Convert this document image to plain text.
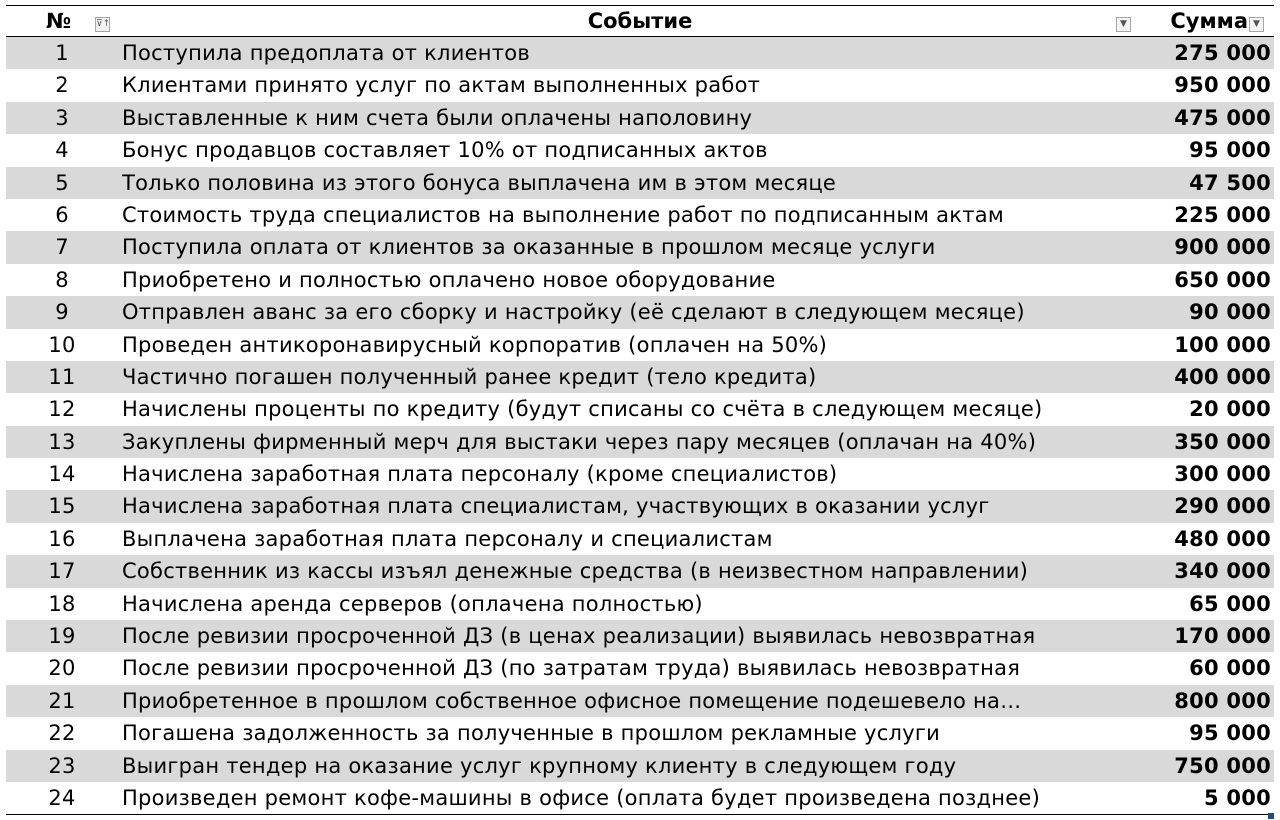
№	⊽↑	Событие	▼ Сумма ▼
1	Поступила предоплата от клиентов	275 000
2	Клиентами принято услуг по актам выполненных работ	950 000
3	Выставленные к ним счета были оплачены наполовину	475 000
4	Бонус продавцов составляет 10% от подписанных актов	95 000
5	Только половина из этого бонуса выплачена им в этом месяце	47 500
6	Стоимость труда специалистов на выполнение работ по подписанным актам	225 000
7	Поступила оплата от клиентов за оказанные в прошлом месяце услуги	900 000
8	Приобретено и полностью оплачено новое оборудование	650 000
9	Отправлен аванс за его сборку и настройку (её сделают в следующем месяце)	90 000
10	Проведен антикоронавирусный корпоратив (оплачен на 50%)	100 000
11	Частично погашен полученный ранее кредит (тело кредита)	400 000
12	Начислены проценты по кредиту (будут списаны со счёта в следующем месяце)	20 000
13	Закуплены фирменный мерч для выстаки через пару месяцев (оплачан на 40%)	350 000
14	Начислена заработная плата персоналу (кроме специалистов)	300 000
15	Начислена заработная плата специалистам, участвующих в оказании услуг	290 000
16	Выплачена заработная плата персоналу и специалистам	480 000
17	Собственник из кассы изъял денежные средства (в неизвестном направлении)	340 000
18	Начислена аренда серверов (оплачена полностью)	65 000
19	После ревизии просроченной ДЗ (в ценах реализации) выявилась невозвратная	170 000
20	После ревизии просроченной ДЗ (по затратам труда) выявилась невозвратная	60 000
21	Приобретенное в прошлом собственное офисное помещение подешевело на…	800 000
22	Погашена задолженность за полученные в прошлом рекламные услуги	95 000
23	Выигран тендер на оказание услуг крупному клиенту в следующем году	750 000
24	Произведен ремонт кофе-машины в офисе (оплата будет произведена позднее)	5 000
